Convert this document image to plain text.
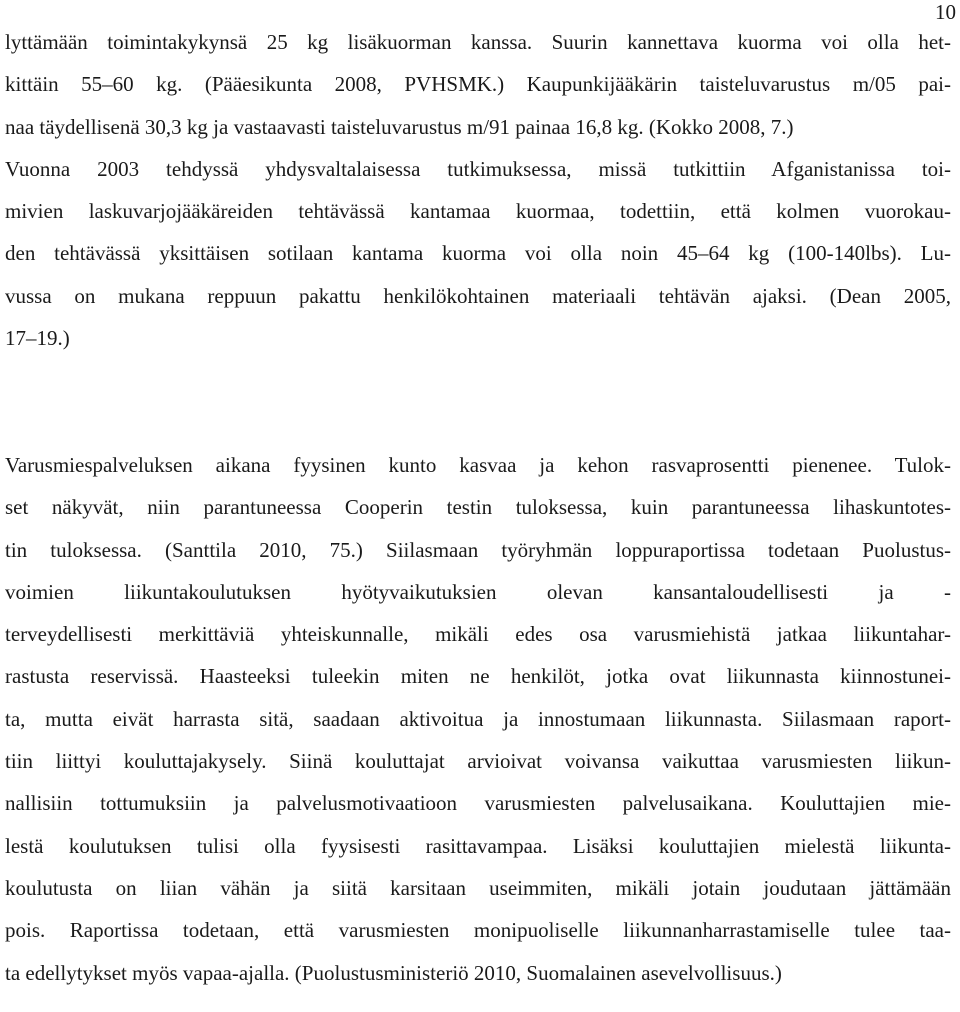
10
lyttämään toimintakykynsä 25 kg lisäkuorman kanssa. Suurin kannettava kuorma voi olla het-
kittäin 55–60 kg. (Pääesikunta 2008, PVHSMK.) Kaupunkijääkärin taisteluvarustus m/05 pai-
naa täydellisenä 30,3 kg ja vastaavasti taisteluvarustus m/91 painaa 16,8 kg. (Kokko 2008, 7.)
Vuonna 2003 tehdyssä yhdysvaltalaisessa tutkimuksessa, missä tutkittiin Afganistanissa toi-
mivien laskuvarjojääkäreiden tehtävässä kantamaa kuormaa, todettiin, että kolmen vuorokau-
den tehtävässä yksittäisen sotilaan kantama kuorma voi olla noin 45–64 kg (100-140lbs). Lu-
vussa on mukana reppuun pakattu henkilökohtainen materiaali tehtävän ajaksi. (Dean 2005,
17–19.)
Varusmiespalveluksen aikana fyysinen kunto kasvaa ja kehon rasvaprosentti pienenee. Tulok-
set näkyvät, niin parantuneessa Cooperin testin tuloksessa, kuin parantuneessa lihaskuntotes-
tin tuloksessa. (Santtila 2010, 75.) Siilasmaan työryhmän loppuraportissa todetaan Puolustus-
voimien liikuntakoulutuksen hyötyvaikutuksien olevan kansantaloudellisesti ja -
terveydellisesti merkittäviä yhteiskunnalle, mikäli edes osa varusmiehistä jatkaa liikuntahar-
rastusta reservissä. Haasteeksi tuleekin miten ne henkilöt, jotka ovat liikunnasta kiinnostunei-
ta, mutta eivät harrasta sitä, saadaan aktivoitua ja innostumaan liikunnasta. Siilasmaan raport-
tiin liittyi kouluttajakysely. Siinä kouluttajat arvioivat voivansa vaikuttaa varusmiesten liikun-
nallisiin tottumuksiin ja palvelusmotivaatioon varusmiesten palvelusaikana. Kouluttajien mie-
lestä koulutuksen tulisi olla fyysisesti rasittavampaa. Lisäksi kouluttajien mielestä liikunta-
koulutusta on liian vähän ja siitä karsitaan useimmiten, mikäli jotain joudutaan jättämään
pois. Raportissa todetaan, että varusmiesten monipuoliselle liikunnanharrastamiselle tulee taa-
ta edellytykset myös vapaa-ajalla. (Puolustusministeriö 2010, Suomalainen asevelvollisuus.)
